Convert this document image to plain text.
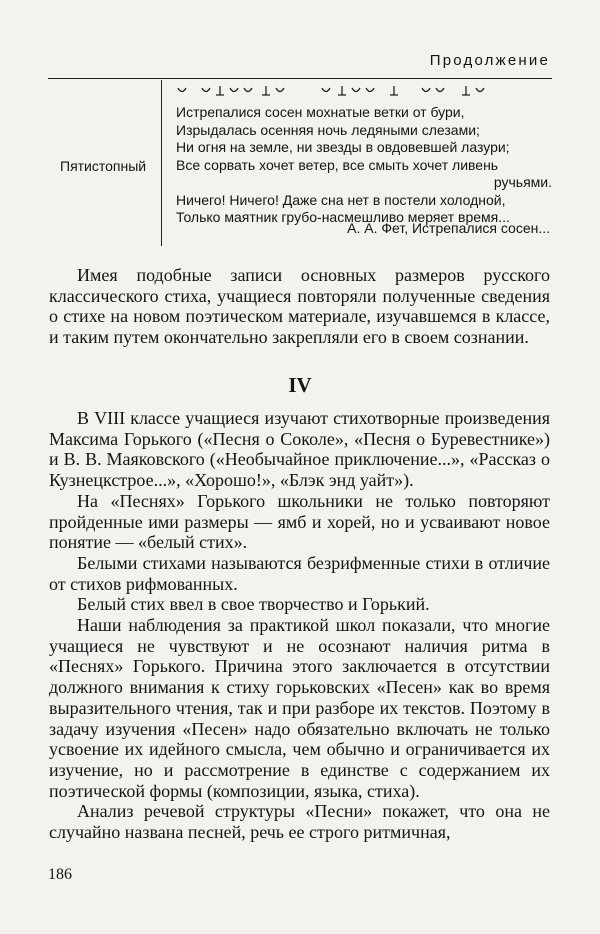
Продолжение
Пятистопный
Истрепалися сосен мохнатые ветки от бури,
Изрыдалась осенняя ночь ледяными слезами;
Ни огня на земле, ни звезды в овдовевшей лазури;
Все сорвать хочет ветер, все смыть хочет ливень
ручьями.
Ничего! Ничего! Даже сна нет в постели холодной,
Только маятник грубо-насмешливо меряет время...
А. А. Фет, Истрепалися сосен...

Имея подобные записи основных размеров русского классического стиха, учащиеся повторяли полученные сведения о стихе на новом поэтическом материале, изучавшемся в классе, и таким путем окончательно закрепляли его в своем сознании.

IV

В VIII классе учащиеся изучают стихотворные произведения Максима Горького («Песня о Соколе», «Песня о Буревестнике») и В. В. Маяковского («Необычайное приключение...», «Рассказ о Кузнецкстрое...», «Хорошо!», «Блэк энд уайт»).

На «Песнях» Горького школьники не только повторяют пройденные ими размеры — ямб и хорей, но и усваивают новое понятие — «белый стих».

Белыми стихами называются безрифменные стихи в отличие от стихов рифмованных.

Белый стих ввел в свое творчество и Горький.

Наши наблюдения за практикой школ показали, что многие учащиеся не чувствуют и не осознают наличия ритма в «Песнях» Горького. Причина этого заключается в отсутствии должного внимания к стиху горьковских «Песен» как во время выразительного чтения, так и при разборе их текстов. Поэтому в задачу изучения «Песен» надо обязательно включать не только усвоение их идейного смысла, чем обычно и ограничивается их изучение, но и рассмотрение в единстве с содержанием их поэтической формы (композиции, языка, стиха).

Анализ речевой структуры «Песни» покажет, что она не случайно названа песней, речь ее строго ритмичная,

186
